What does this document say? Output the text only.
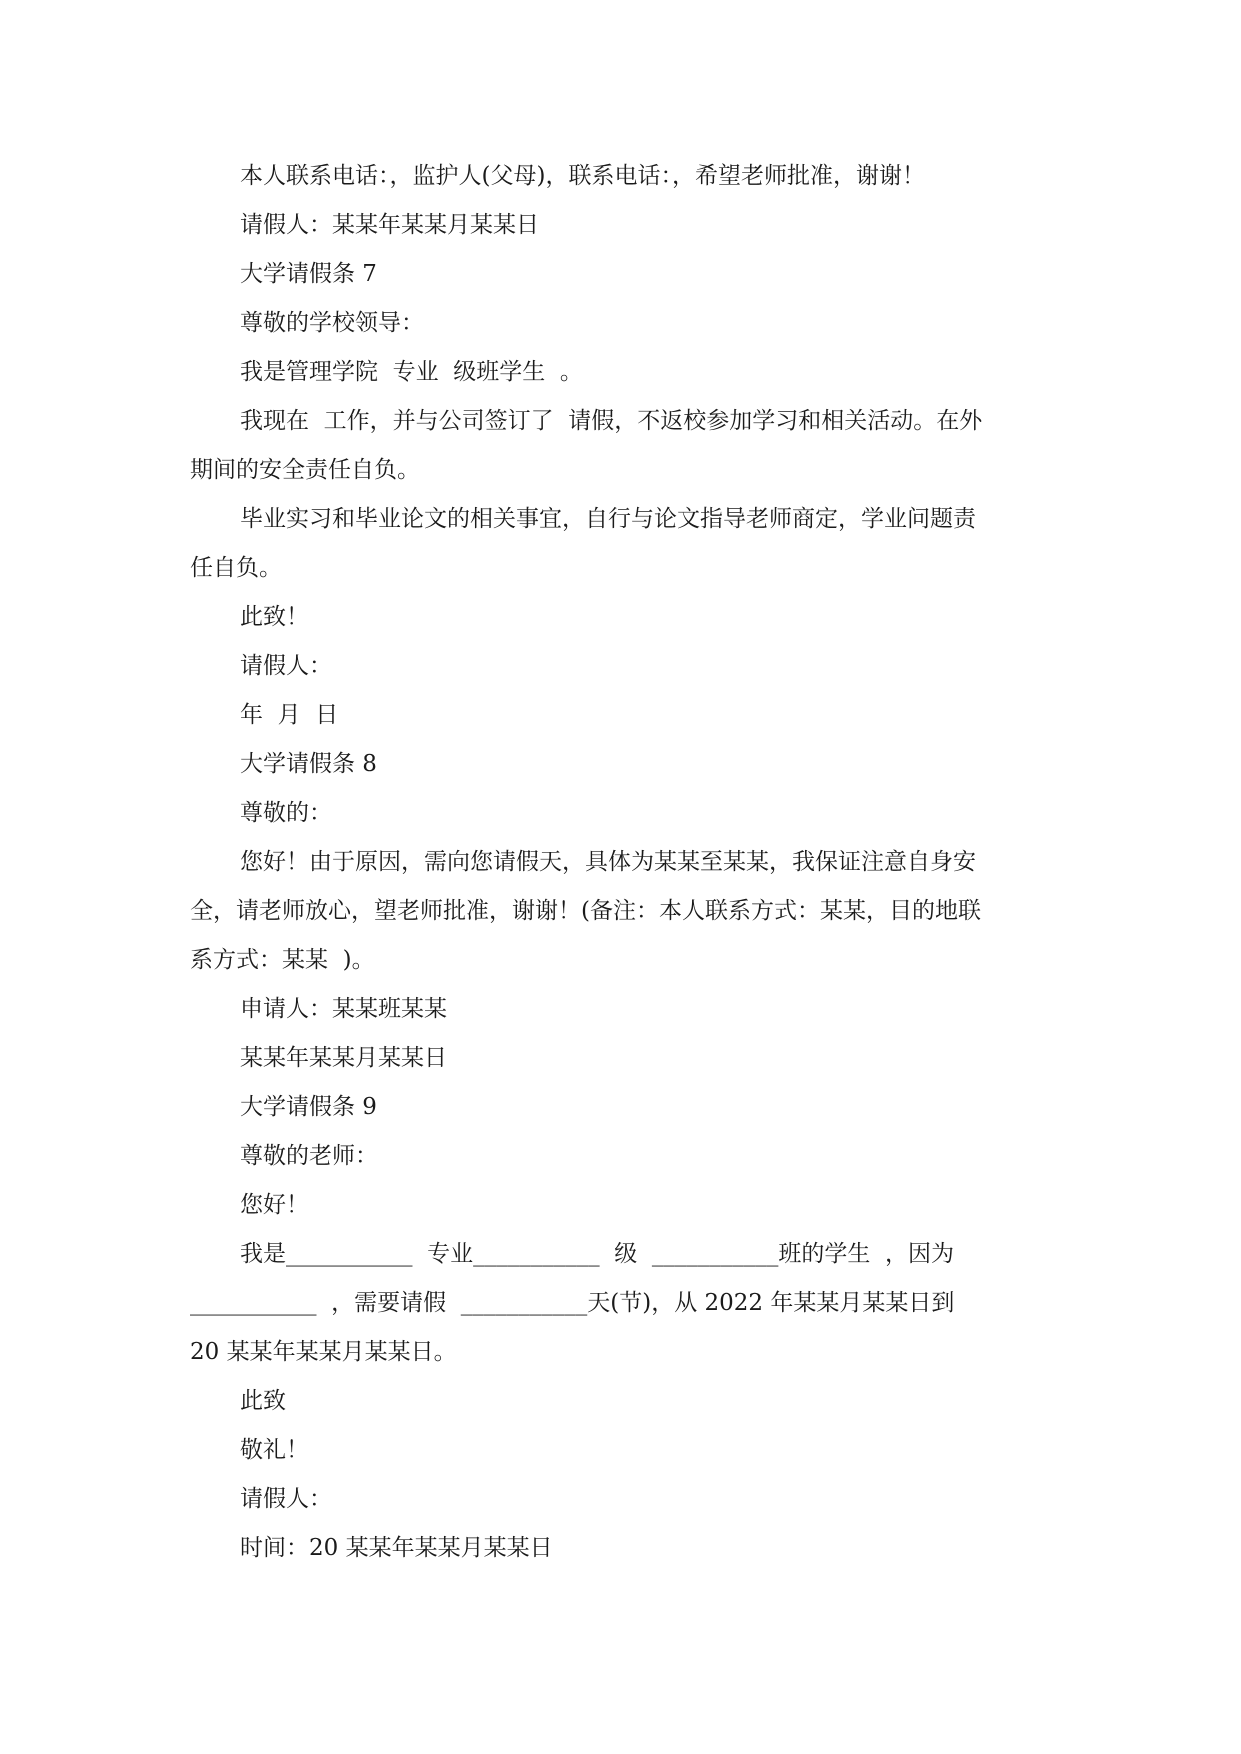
本人联系电话：，监护人(父母)，联系电话：，希望老师批准，谢谢！

请假人：某某年某某月某某日

大学请假条 7

尊敬的学校领导：

我是管理学院  专业  级班学生  。

我现在  工作，并与公司签订了  请假，不返校参加学习和相关活动。在外

期间的安全责任自负。

毕业实习和毕业论文的相关事宜，自行与论文指导老师商定，学业问题责

任自负。

此致！

请假人：

年  月  日

大学请假条 8

尊敬的：

您好！由于原因，需向您请假天，具体为某某至某某，我保证注意自身安

全，请老师放心，望老师批准，谢谢！(备注：本人联系方式：某某，目的地联

系方式：某某  )。

申请人：某某班某某

某某年某某月某某日

大学请假条 9

尊敬的老师：

您好！

我是___________  专业___________  级  ___________班的学生  ，因为

___________  ，需要请假  ___________天(节)，从 2022 年某某月某某日到

20 某某年某某月某某日。

此致

敬礼！

请假人：

时间：20 某某年某某月某某日
